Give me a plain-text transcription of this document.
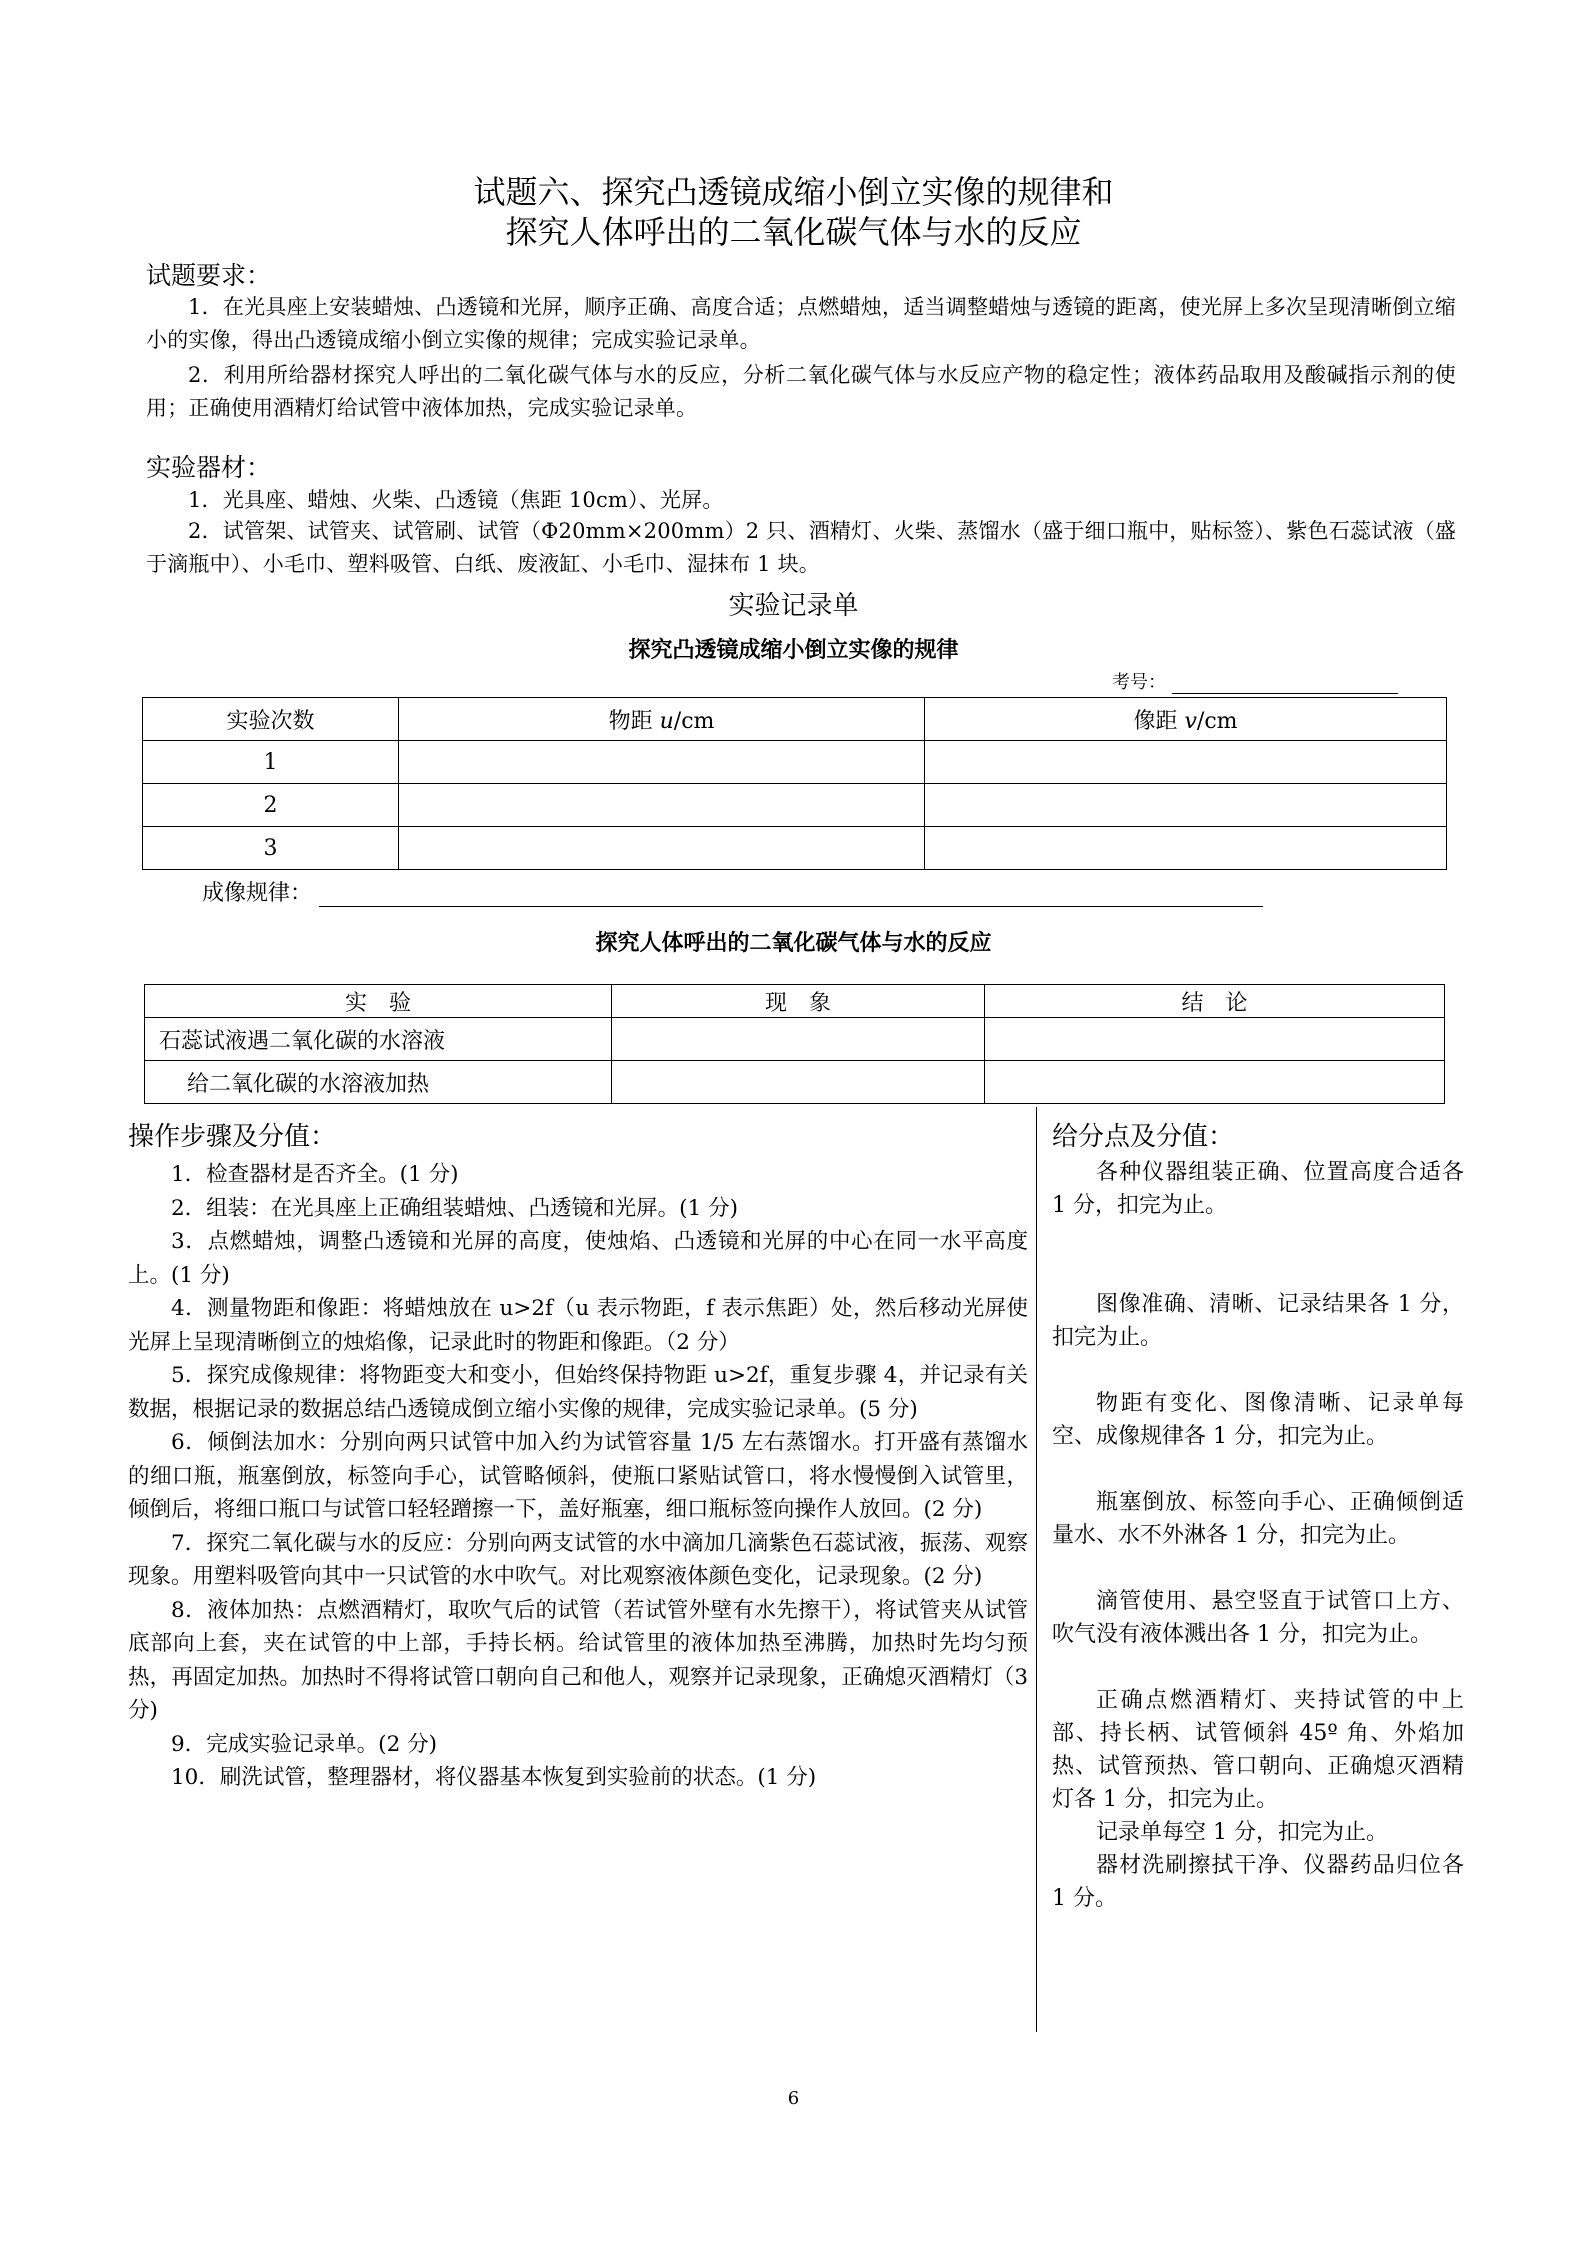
试题六、探究凸透镜成缩小倒立实像的规律和
探究人体呼出的二氧化碳气体与水的反应
试题要求：
1．在光具座上安装蜡烛、凸透镜和光屏，顺序正确、高度合适；点燃蜡烛，适当调整蜡烛与透镜的距离，使光屏上多次呈现清晰倒立缩小的实像，得出凸透镜成缩小倒立实像的规律；完成实验记录单。
2．利用所给器材探究人呼出的二氧化碳气体与水的反应，分析二氧化碳气体与水反应产物的稳定性；液体药品取用及酸碱指示剂的使用；正确使用酒精灯给试管中液体加热，完成实验记录单。
实验器材：
1．光具座、蜡烛、火柴、凸透镜（焦距 10cm）、光屏。
2．试管架、试管夹、试管刷、试管（Φ20mm×200mm）2 只、酒精灯、火柴、蒸馏水（盛于细口瓶中，贴标签）、紫色石蕊试液（盛于滴瓶中）、小毛巾、塑料吸管、白纸、废液缸、小毛巾、湿抹布 1 块。
实验记录单
探究凸透镜成缩小倒立实像的规律
考号：
实验次数	物距 u/cm	像距 v/cm
1		
2		
3		
成像规律：
探究人体呼出的二氧化碳气体与水的反应
实　验	现　象	结　论
石蕊试液遇二氧化碳的水溶液		
给二氧化碳的水溶液加热		
操作步骤及分值：

1．检查器材是否齐全。(1 分)

2．组装：在光具座上正确组装蜡烛、凸透镜和光屏。(1 分)

3．点燃蜡烛，调整凸透镜和光屏的高度，使烛焰、凸透镜和光屏的中心在同一水平高度上。(1 分)

4．测量物距和像距：将蜡烛放在 u>2f（u 表示物距，f 表示焦距）处，然后移动光屏使光屏上呈现清晰倒立的烛焰像，记录此时的物距和像距。（2 分）

5．探究成像规律：将物距变大和变小，但始终保持物距 u>2f，重复步骤 4，并记录有关数据，根据记录的数据总结凸透镜成倒立缩小实像的规律，完成实验记录单。(5 分)

6．倾倒法加水：分别向两只试管中加入约为试管容量 1/5 左右蒸馏水。打开盛有蒸馏水的细口瓶，瓶塞倒放，标签向手心，试管略倾斜，使瓶口紧贴试管口，将水慢慢倒入试管里，倾倒后，将细口瓶口与试管口轻轻蹭擦一下，盖好瓶塞，细口瓶标签向操作人放回。(2 分)

7．探究二氧化碳与水的反应：分别向两支试管的水中滴加几滴紫色石蕊试液，振荡、观察现象。用塑料吸管向其中一只试管的水中吹气。对比观察液体颜色变化，记录现象。(2 分)

8．液体加热：点燃酒精灯，取吹气后的试管（若试管外壁有水先擦干），将试管夹从试管底部向上套，夹在试管的中上部，手持长柄。给试管里的液体加热至沸腾，加热时先均匀预热，再固定加热。加热时不得将试管口朝向自己和他人，观察并记录现象，正确熄灭酒精灯（3 分)

9．完成实验记录单。(2 分)

10．刷洗试管，整理器材，将仪器基本恢复到实验前的状态。(1 分)

给分点及分值：

各种仪器组装正确、位置高度合适各 1 分，扣完为止。

图像准确、清晰、记录结果各 1 分，扣完为止。

物距有变化、图像清晰、记录单每空、成像规律各 1 分，扣完为止。

瓶塞倒放、标签向手心、正确倾倒适量水、水不外淋各 1 分，扣完为止。

滴管使用、悬空竖直于试管口上方、吹气没有液体溅出各 1 分，扣完为止。

正确点燃酒精灯、夹持试管的中上部、持长柄、试管倾斜 45º 角、外焰加热、试管预热、管口朝向、正确熄灭酒精灯各 1 分，扣完为止。

记录单每空 1 分，扣完为止。

器材洗刷擦拭干净、仪器药品归位各 1 分。

6
